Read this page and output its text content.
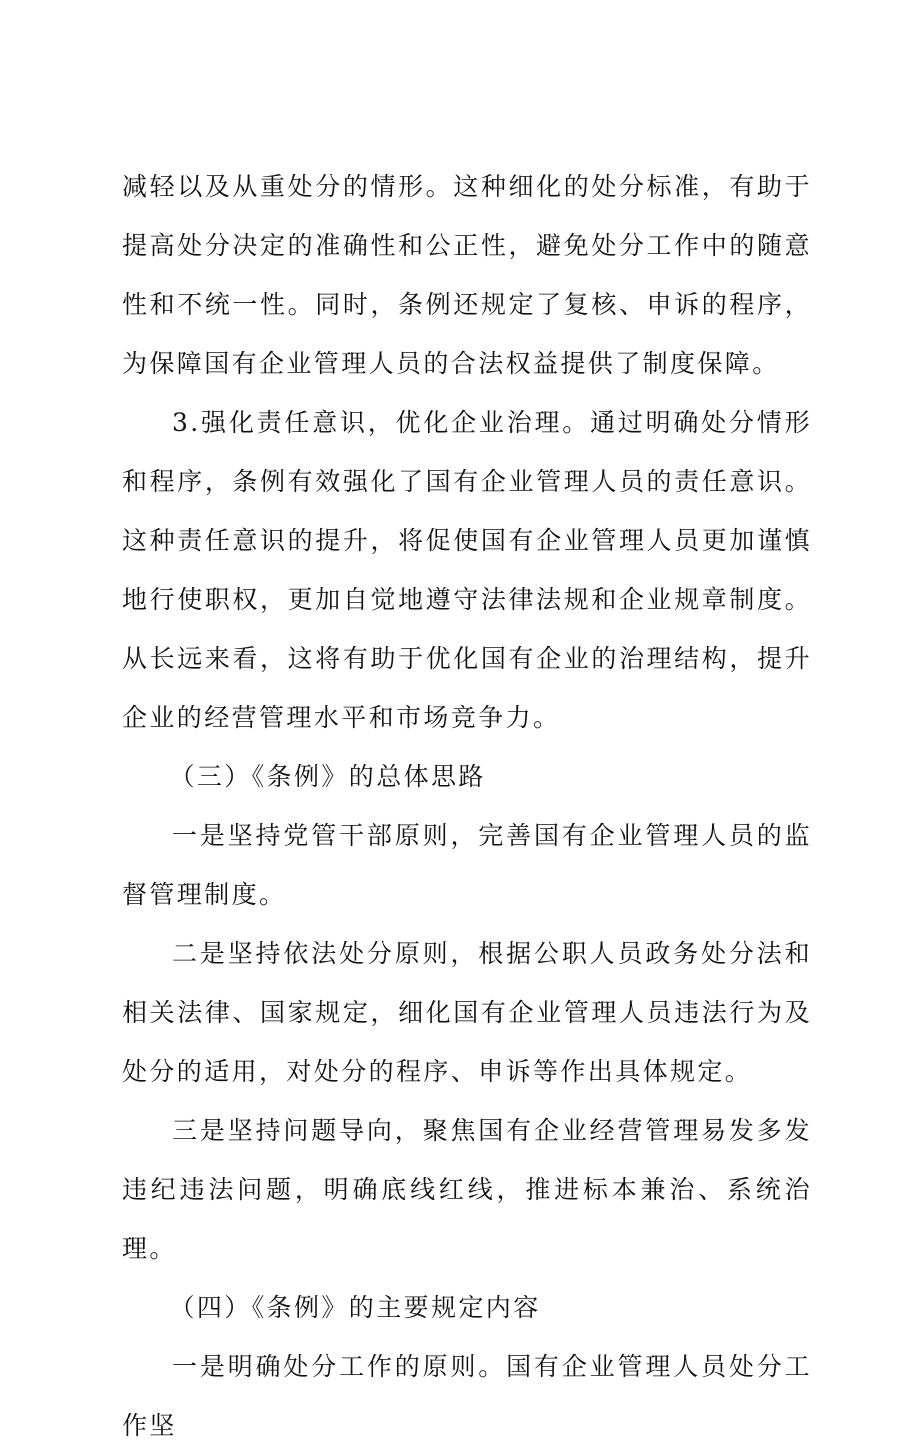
减轻以及从重处分的情形。这种细化的处分标准，有助于提高处分决定的准确性和公正性，避免处分工作中的随意性和不统一性。同时，条例还规定了复核、申诉的程序，为保障国有企业管理人员的合法权益提供了制度保障。

3.强化责任意识，优化企业治理。通过明确处分情形和程序，条例有效强化了国有企业管理人员的责任意识。这种责任意识的提升，将促使国有企业管理人员更加谨慎地行使职权，更加自觉地遵守法律法规和企业规章制度。从长远来看，这将有助于优化国有企业的治理结构，提升企业的经营管理水平和市场竞争力。

（三）《条例》的总体思路

一是坚持党管干部原则，完善国有企业管理人员的监督管理制度。

二是坚持依法处分原则，根据公职人员政务处分法和相关法律、国家规定，细化国有企业管理人员违法行为及处分的适用，对处分的程序、申诉等作出具体规定。

三是坚持问题导向，聚焦国有企业经营管理易发多发违纪违法问题，明确底线红线，推进标本兼治、系统治理。

（四）《条例》的主要规定内容

一是明确处分工作的原则。国有企业管理人员处分工作坚
